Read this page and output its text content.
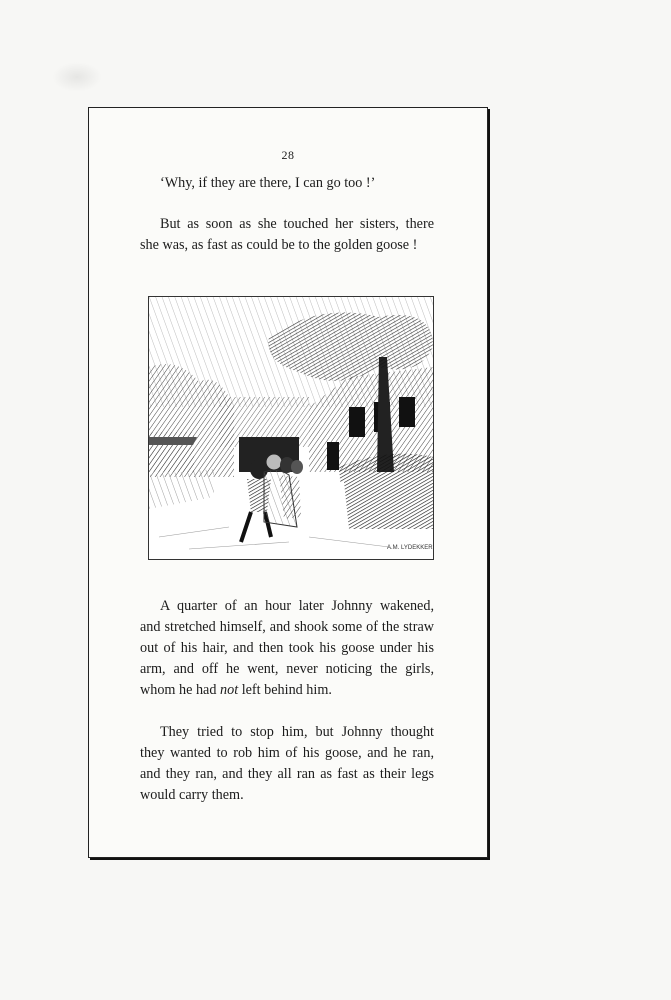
28

‘Why, if they are there, I can go too !’

But as soon as she touched her sisters, there
she was, as fast as could be to the golden goose !

A.M. LYDEKKER

A quarter of an hour later Johnny wakened,
and stretched himself, and shook some of the straw
out of his hair, and then took his goose under his
arm, and off he went, never noticing the girls,
whom he had not left behind him.

They tried to stop him, but Johnny thought
they wanted to rob him of his goose, and he ran,
and they ran, and they all ran as fast as their legs
would carry them.
